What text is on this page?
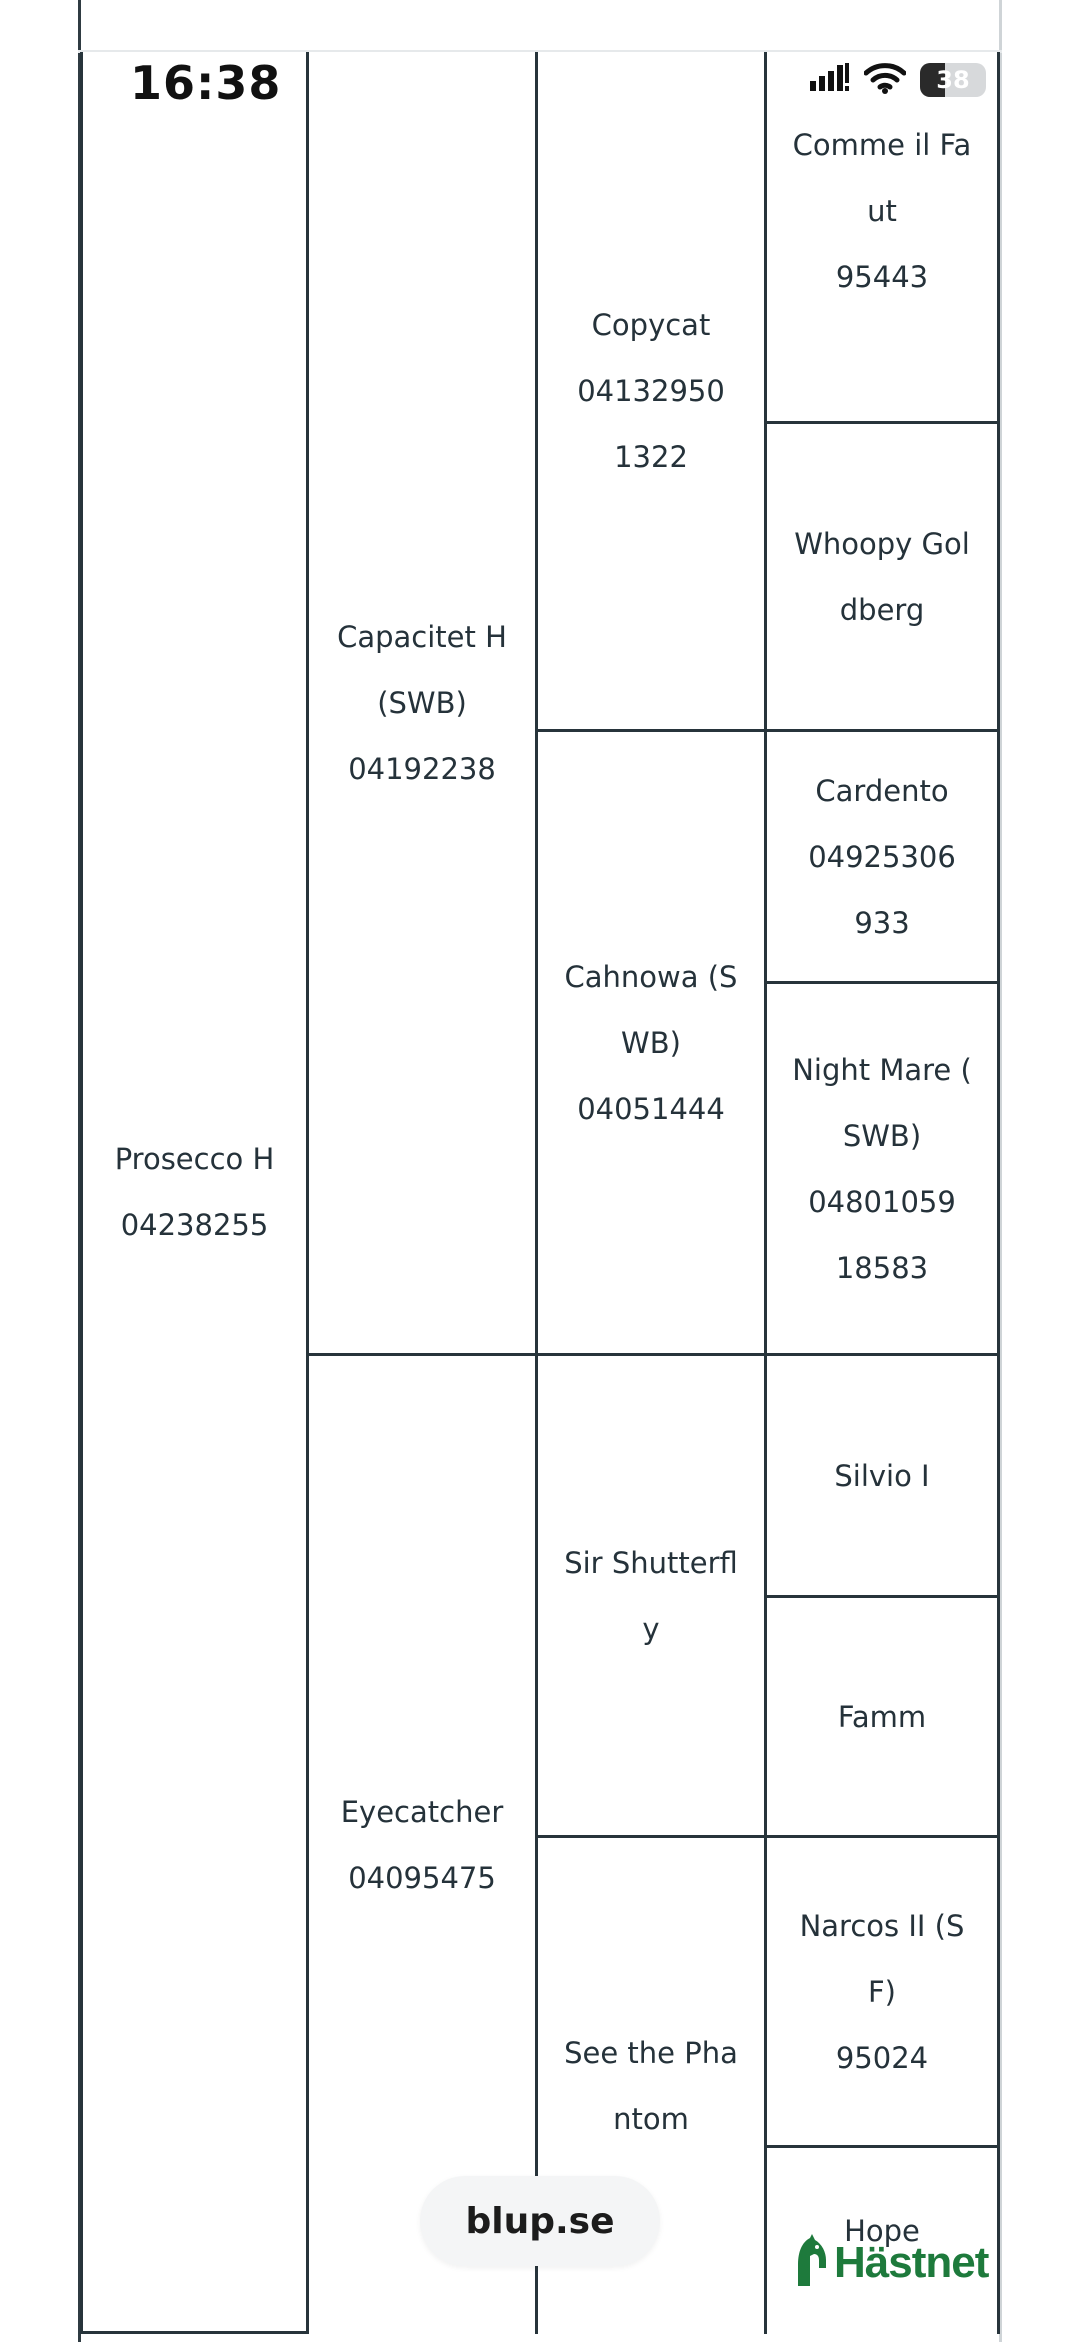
16:38	38
Prosecco H
04238255
Capacitet H
(SWB)
04192238
Eyecatcher
04095475
Copycat
04132950
1322
Cahnowa (S
WB)
04051444
Sir Shutterfl
y
See the Pha
ntom
Comme il Fa
ut
95443
Whoopy Gol
dberg
Cardento
04925306
933
Night Mare (
SWB)
04801059
18583
Silvio I
Famm
Narcos II (S
F)
95024
Hope
blup.se
Hästnet
